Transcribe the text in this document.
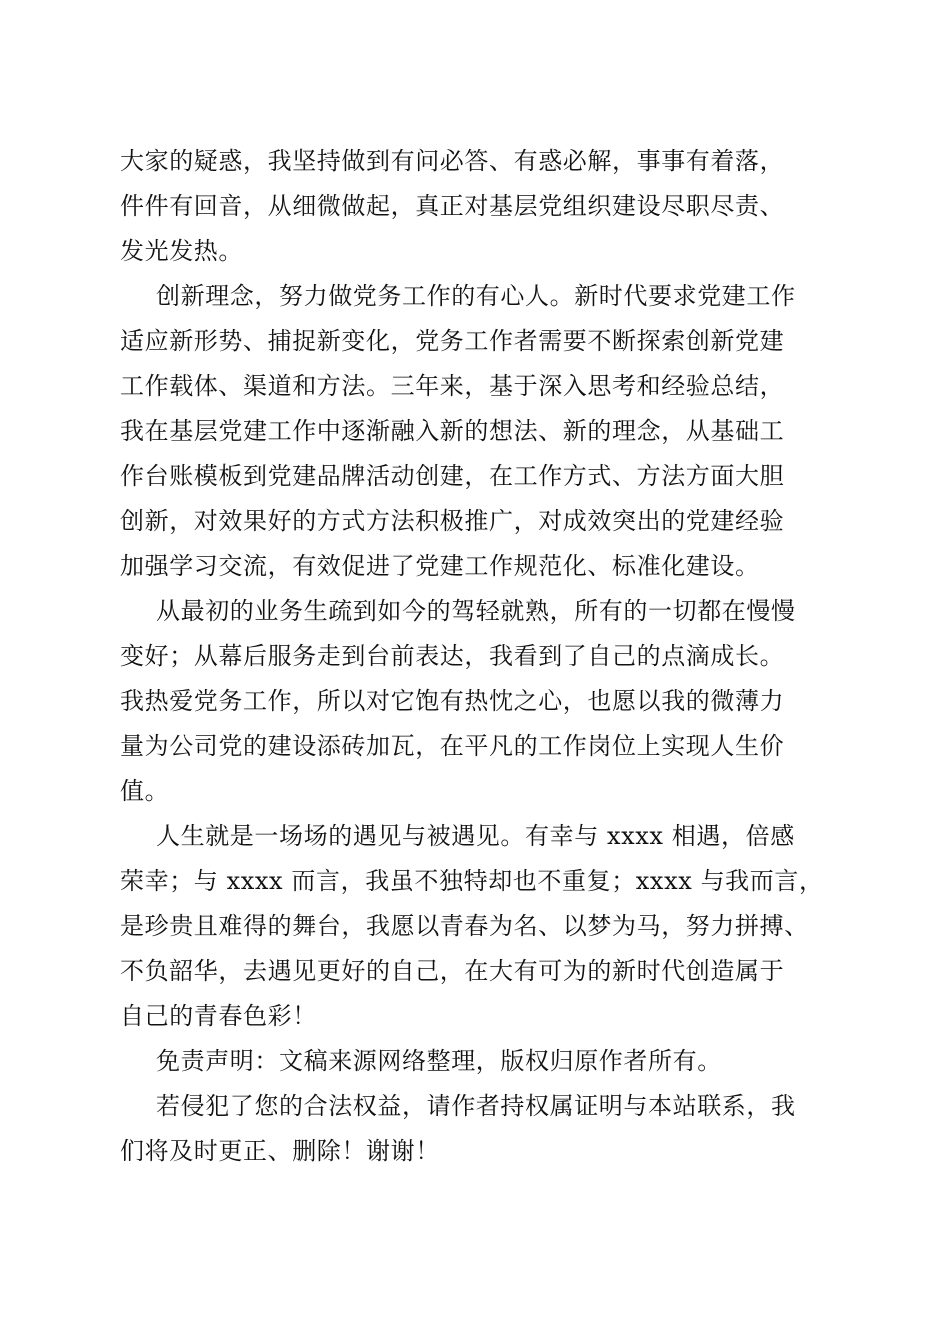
大家的疑惑，我坚持做到有问必答、有惑必解，事事有着落，
件件有回音，从细微做起，真正对基层党组织建设尽职尽责、
发光发热。
创新理念，努力做党务工作的有心人。新时代要求党建工作
适应新形势、捕捉新变化，党务工作者需要不断探索创新党建
工作载体、渠道和方法。三年来，基于深入思考和经验总结，
我在基层党建工作中逐渐融入新的想法、新的理念，从基础工
作台账模板到党建品牌活动创建，在工作方式、方法方面大胆
创新，对效果好的方式方法积极推广，对成效突出的党建经验
加强学习交流，有效促进了党建工作规范化、标准化建设。
从最初的业务生疏到如今的驾轻就熟，所有的一切都在慢慢
变好；从幕后服务走到台前表达，我看到了自己的点滴成长。
我热爱党务工作，所以对它饱有热忱之心，也愿以我的微薄力
量为公司党的建设添砖加瓦，在平凡的工作岗位上实现人生价
值。
人生就是一场场的遇见与被遇见。有幸与 xxxx 相遇，倍感
荣幸；与 xxxx 而言，我虽不独特却也不重复；xxxx 与我而言，
是珍贵且难得的舞台，我愿以青春为名、以梦为马，努力拼搏、
不负韶华，去遇见更好的自己，在大有可为的新时代创造属于
自己的青春色彩！
免责声明：文稿来源网络整理，版权归原作者所有。
若侵犯了您的合法权益，请作者持权属证明与本站联系，我
们将及时更正、删除！谢谢！
